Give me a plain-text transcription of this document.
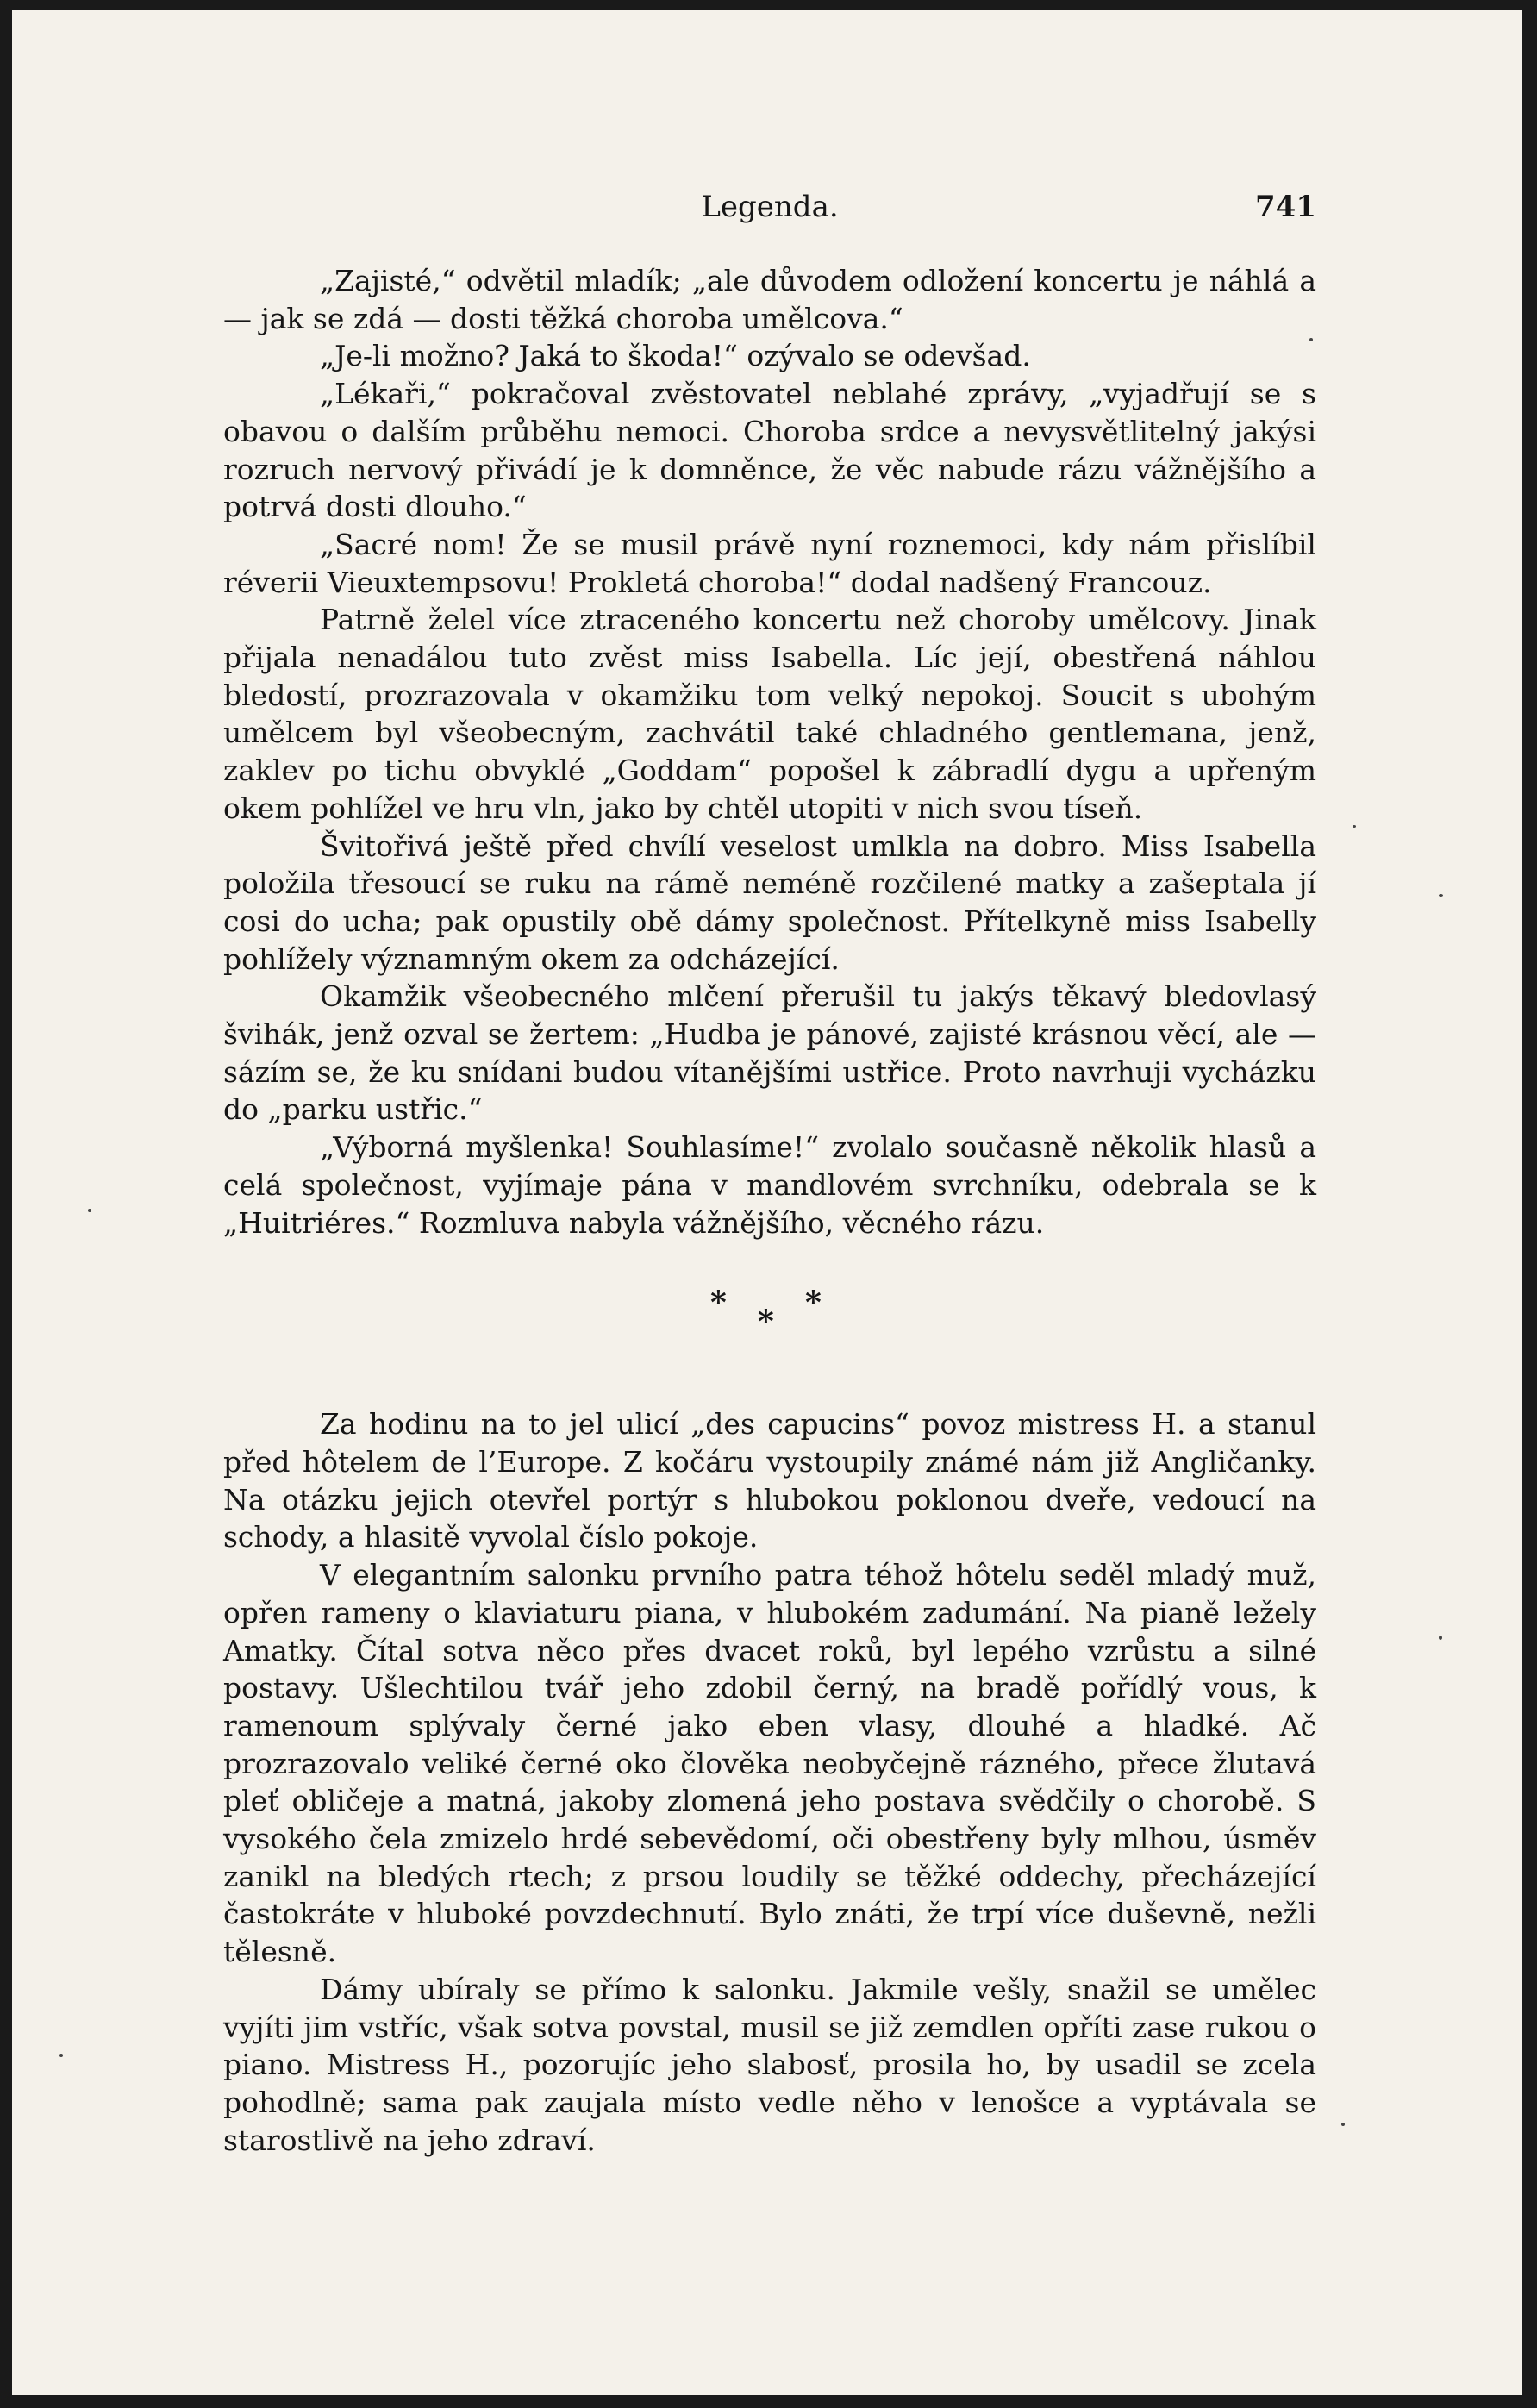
Legenda.	741

„Zajisté,“ odvětil mladík; „ale důvodem odložení koncertu je náhlá a — jak se zdá — dosti těžká choroba umělcova.“

„Je-li možno? Jaká to škoda!“ ozývalo se odevšad.

„Lékaři,“ pokračoval zvěstovatel neblahé zprávy, „vyjadřují se s obavou o dalším průběhu nemoci. Choroba srdce a nevysvětlitelný jakýsi rozruch nervový přivádí je k domněnce, že věc nabude rázu vážnějšího a potrvá dosti dlouho.“

„Sacré nom! Že se musil právě nyní roznemoci, kdy nám přislíbil réverii Vieuxtempsovu! Prokletá choroba!“ dodal nadšený Francouz.

Patrně želel více ztraceného koncertu než choroby umělcovy. Jinak přijala nenadálou tuto zvěst miss Isabella. Líc její, obestřená náhlou bledostí, prozrazovala v okamžiku tom velký nepokoj. Soucit s ubohým umělcem byl všeobecným, zachvátil také chladného gentlemana, jenž, zaklev po tichu obvyklé „Goddam“ popošel k zábradlí dygu a upřeným okem pohlížel ve hru vln, jako by chtěl utopiti v nich svou tíseň.

Švitořivá ještě před chvílí veselost umlkla na dobro. Miss Isabella položila třesoucí se ruku na rámě neméně rozčilené matky a zašeptala jí cosi do ucha; pak opustily obě dámy společnost. Přítelkyně miss Isabelly pohlížely významným okem za odcházející.

Okamžik všeobecného mlčení přerušil tu jakýs těkavý bledovlasý švihák, jenž ozval se žertem: „Hudba je pánové, zajisté krásnou věcí, ale — sázím se, že ku snídani budou vítanějšími ustřice. Proto navrhuji vycházku do „parku ustřic.“

„Výborná myšlenka! Souhlasíme!“ zvolalo současně několik hlasů a celá společnost, vyjímaje pána v mandlovém svrchníku, odebrala se k „Huitriéres.“ Rozmluva nabyla vážnějšího, věcného rázu.

*
*
*

Za hodinu na to jel ulicí „des capucins“ povoz mistress H. a stanul před hôtelem de l’Europe. Z kočáru vystoupily známé nám již Angličanky. Na otázku jejich otevřel portýr s hlubokou poklonou dveře, vedoucí na schody, a hlasitě vyvolal číslo pokoje.

V elegantním salonku prvního patra téhož hôtelu seděl mladý muž, opřen rameny o klaviaturu piana, v hlubokém zadumání. Na pianě ležely Amatky. Čítal sotva něco přes dvacet roků, byl lepého vzrůstu a silné postavy. Ušlechtilou tvář jeho zdobil černý, na bradě pořídlý vous, k ramenoum splývaly černé jako eben vlasy, dlouhé a hladké. Ač prozrazovalo veliké černé oko člověka neobyčejně rázného, přece žlutavá pleť obličeje a matná, jakoby zlomená jeho postava svědčily o chorobě. S vysokého čela zmizelo hrdé sebevědomí, oči obestřeny byly mlhou, úsměv zanikl na bledých rtech; z prsou loudily se těžké oddechy, přecházející častokráte v hluboké povzdechnutí. Bylo znáti, že trpí více duševně, nežli tělesně.

Dámy ubíraly se přímo k salonku. Jakmile vešly, snažil se umělec vyjíti jim vstříc, však sotva povstal, musil se již zemdlen opříti zase rukou o piano. Mistress H., pozorujíc jeho slabosť, prosila ho, by usadil se zcela pohodlně; sama pak zaujala místo vedle něho v lenošce a vyptávala se starostlivě na jeho zdraví.
